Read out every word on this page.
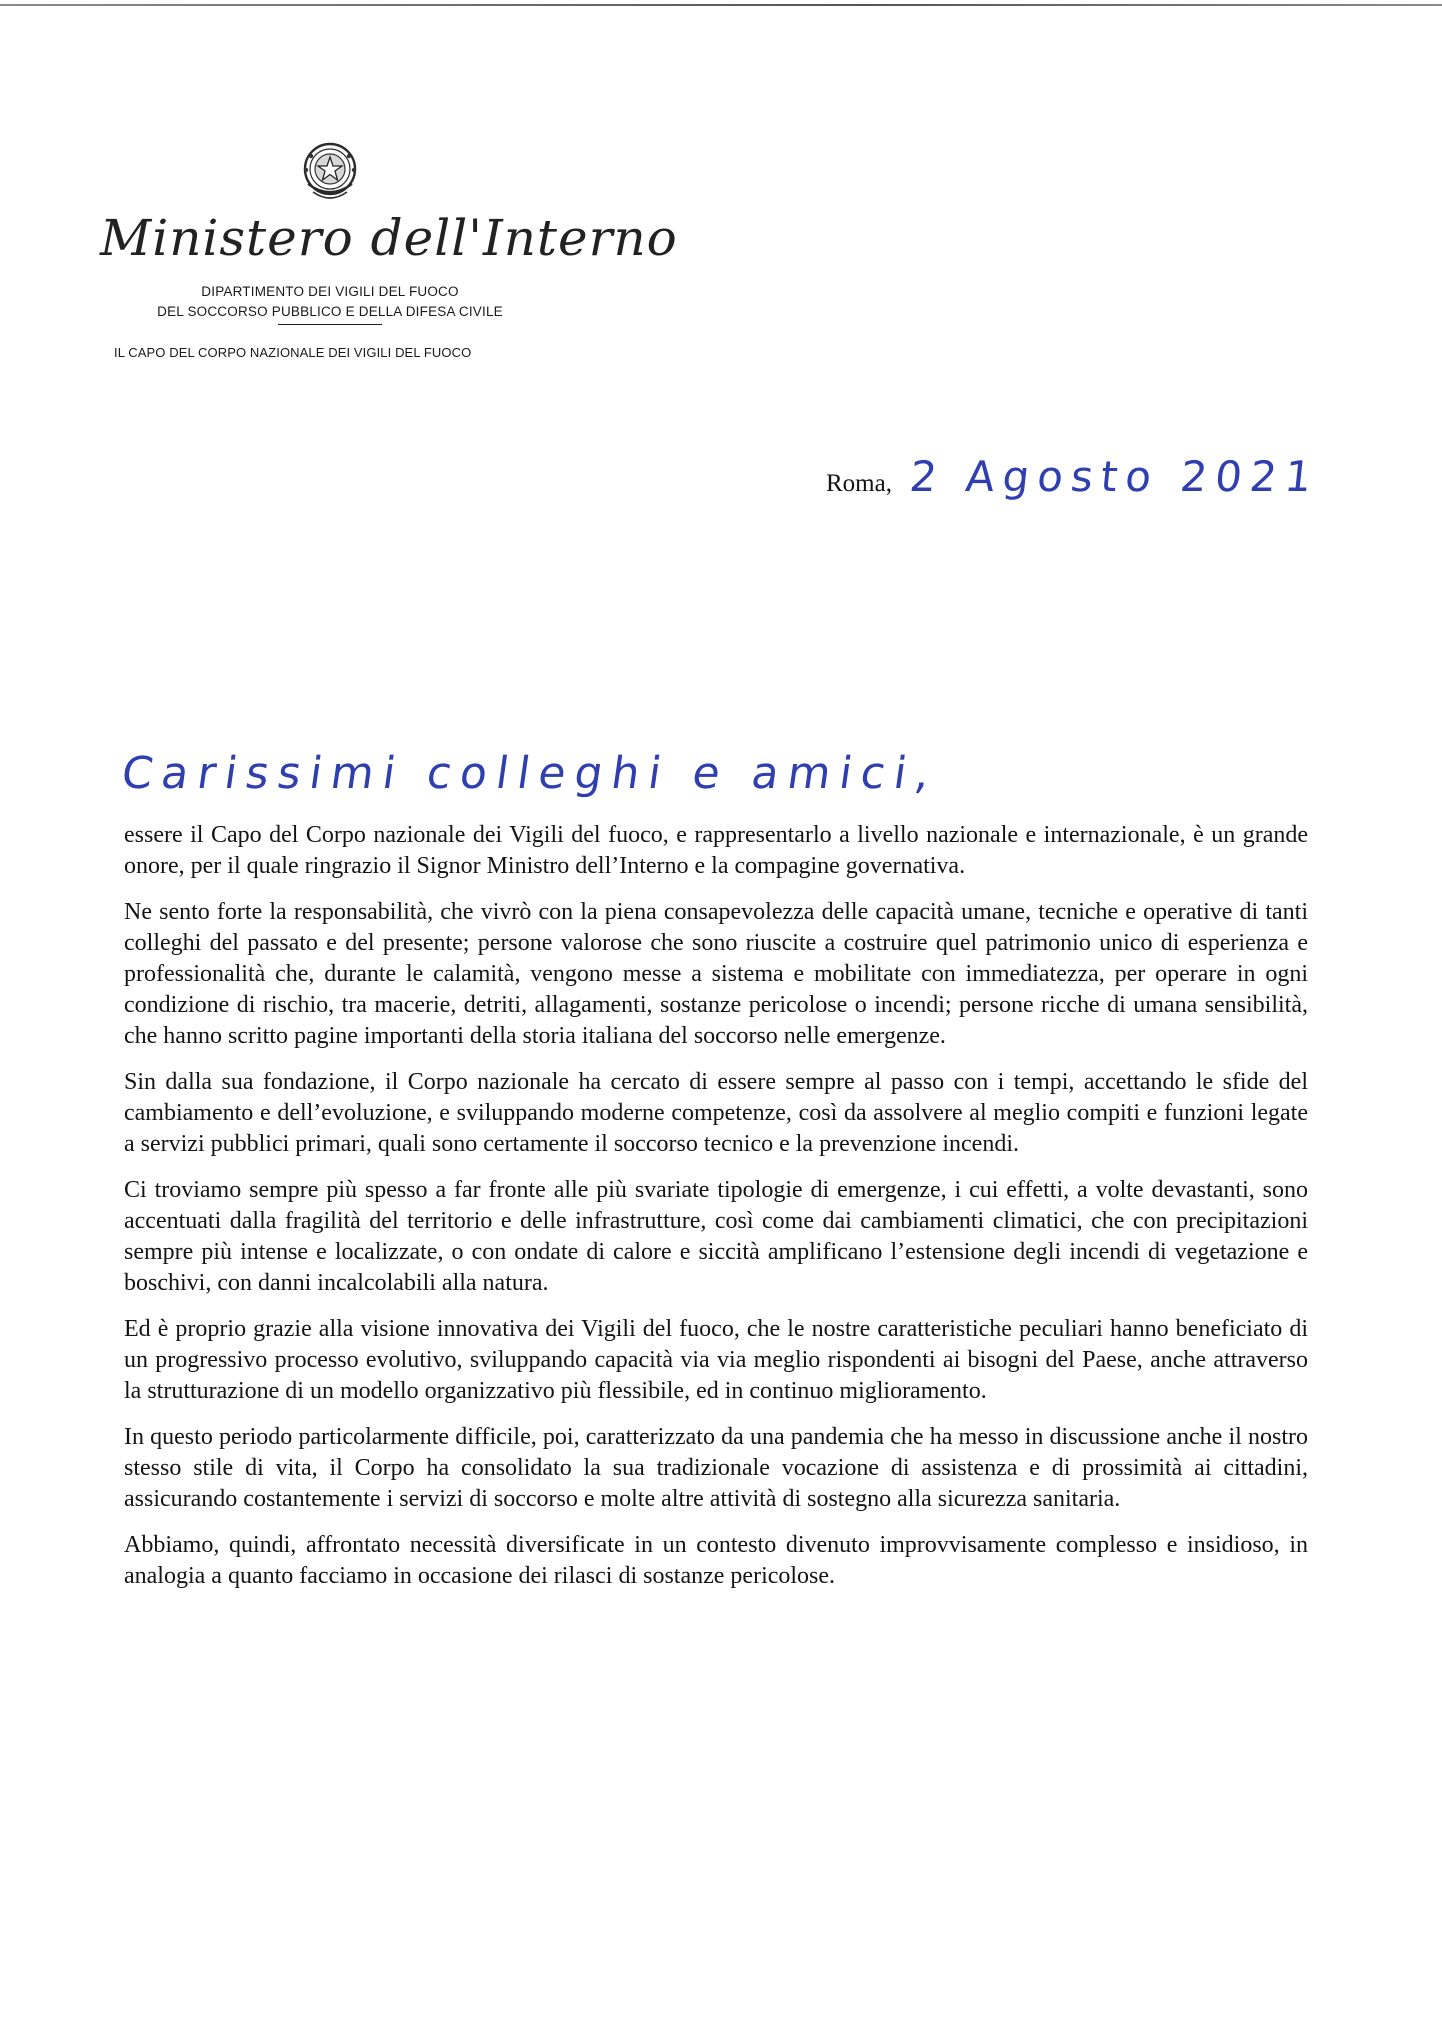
Ministero dell'Interno
DIPARTIMENTO DEI VIGILI DEL FUOCO
DEL SOCCORSO PUBBLICO E DELLA DIFESA CIVILE
IL CAPO DEL CORPO NAZIONALE DEI VIGILI DEL FUOCO
Roma, 2 Agosto 2021
Carissimi colleghi e amici,

essere il Capo del Corpo nazionale dei Vigili del fuoco, e rappresentarlo a livello nazionale e internazionale, è un grande onore, per il quale ringrazio il Signor Ministro dell’Interno e la compagine governativa.

Ne sento forte la responsabilità, che vivrò con la piena consapevolezza delle capacità umane, tecniche e operative di tanti colleghi del passato e del presente; persone valorose che sono riuscite a costruire quel patrimonio unico di esperienza e professionalità che, durante le calamità, vengono messe a sistema e mobilitate con immediatezza, per operare in ogni condizione di rischio, tra macerie, detriti, allagamenti, sostanze pericolose o incendi; persone ricche di umana sensibilità, che hanno scritto pagine importanti della storia italiana del soccorso nelle emergenze.

Sin dalla sua fondazione, il Corpo nazionale ha cercato di essere sempre al passo con i tempi, accettando le sfide del cambiamento e dell’evoluzione, e sviluppando moderne competenze, così da assolvere al meglio compiti e funzioni legate a servizi pubblici primari, quali sono certamente il soccorso tecnico e la prevenzione incendi.

Ci troviamo sempre più spesso a far fronte alle più svariate tipologie di emergenze, i cui effetti, a volte devastanti, sono accentuati dalla fragilità del territorio e delle infrastrutture, così come dai cambiamenti climatici, che con precipitazioni sempre più intense e localizzate, o con ondate di calore e siccità amplificano l’estensione degli incendi di vegetazione e boschivi, con danni incalcolabili alla natura.

Ed è proprio grazie alla visione innovativa dei Vigili del fuoco, che le nostre caratteristiche peculiari hanno beneficiato di un progressivo processo evolutivo, sviluppando capacità via via meglio rispondenti ai bisogni del Paese, anche attraverso la strutturazione di un modello organizzativo più flessibile, ed in continuo miglioramento.

In questo periodo particolarmente difficile, poi, caratterizzato da una pandemia che ha messo in discussione anche il nostro stesso stile di vita, il Corpo ha consolidato la sua tradizionale vocazione di assistenza e di prossimità ai cittadini, assicurando costantemente i servizi di soccorso e molte altre attività di sostegno alla sicurezza sanitaria.

Abbiamo, quindi, affrontato necessità diversificate in un contesto divenuto improvvisamente complesso e insidioso, in analogia a quanto facciamo in occasione dei rilasci di sostanze pericolose.
